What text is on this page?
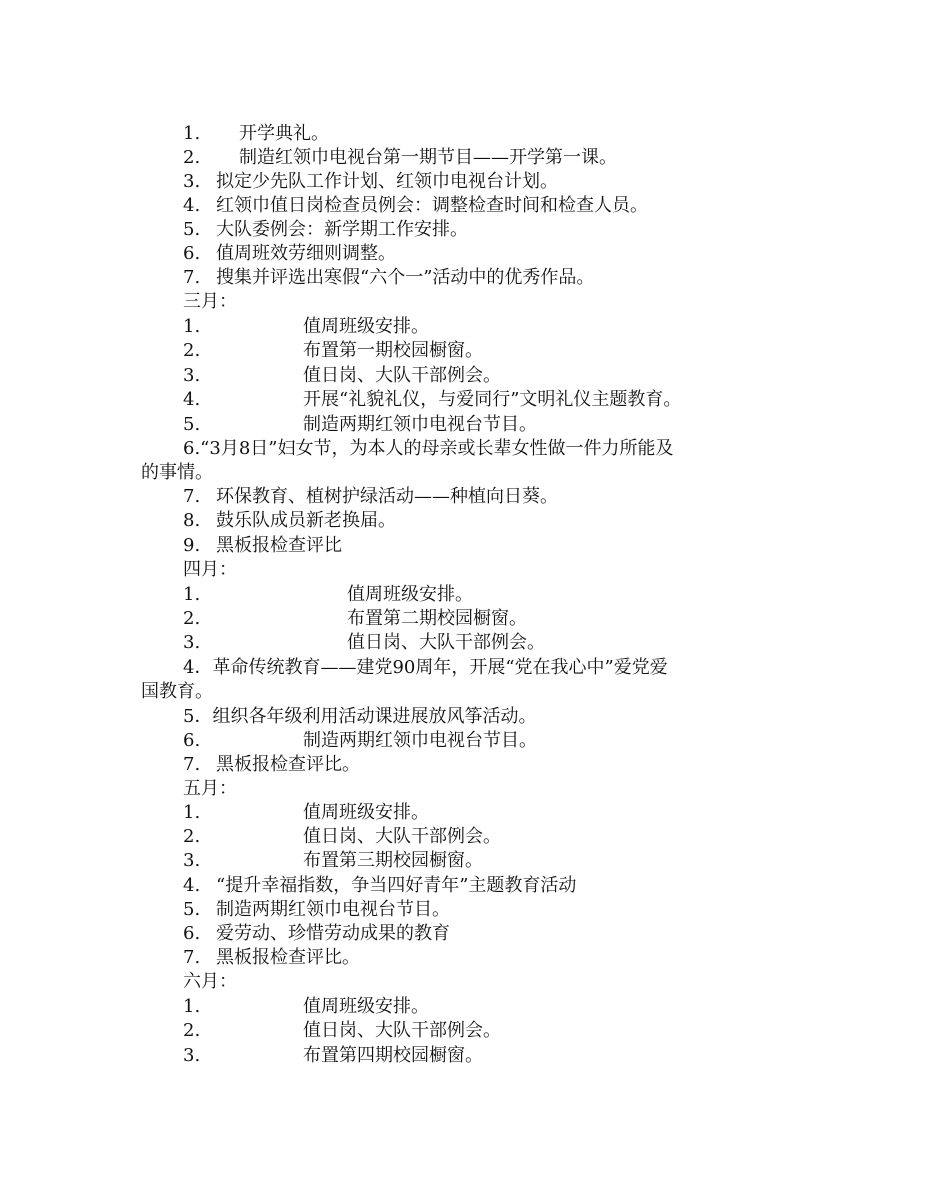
1. 开学典礼。
2. 制造红领巾电视台第一期节目——开学第一课。
3. 拟定少先队工作计划、红领巾电视台计划。
4. 红领巾值日岗检查员例会：调整检查时间和检查人员。
5. 大队委例会：新学期工作安排。
6. 值周班效劳细则调整。
7. 搜集并评选出寒假“六个一”活动中的优秀作品。
三月：
1.	值周班级安排。
2.	布置第一期校园橱窗。
3.	值日岗、大队干部例会。
4.	开展“礼貌礼仪，与爱同行”文明礼仪主题教育。
5.	制造两期红领巾电视台节目。
6.“3月8日”妇女节，为本人的母亲或长辈女性做一件力所能及
的事情。
7. 环保教育、植树护绿活动——种植向日葵。
8. 鼓乐队成员新老换届。
9. 黑板报检查评比
四月：
1.	值周班级安排。
2.	布置第二期校园橱窗。
3.	值日岗、大队干部例会。
4．革命传统教育——建党90周年，开展“党在我心中”爱党爱
国教育。
5．组织各年级利用活动课进展放风筝活动。
6.	制造两期红领巾电视台节目。
7. 黑板报检查评比。
五月：
1.	值周班级安排。
2.	值日岗、大队干部例会。
3.	布置第三期校园橱窗。
4. “提升幸福指数，争当四好青年”主题教育活动
5. 制造两期红领巾电视台节目。
6. 爱劳动、珍惜劳动成果的教育
7. 黑板报检查评比。
六月：
1.	值周班级安排。
2.	值日岗、大队干部例会。
3.	布置第四期校园橱窗。
